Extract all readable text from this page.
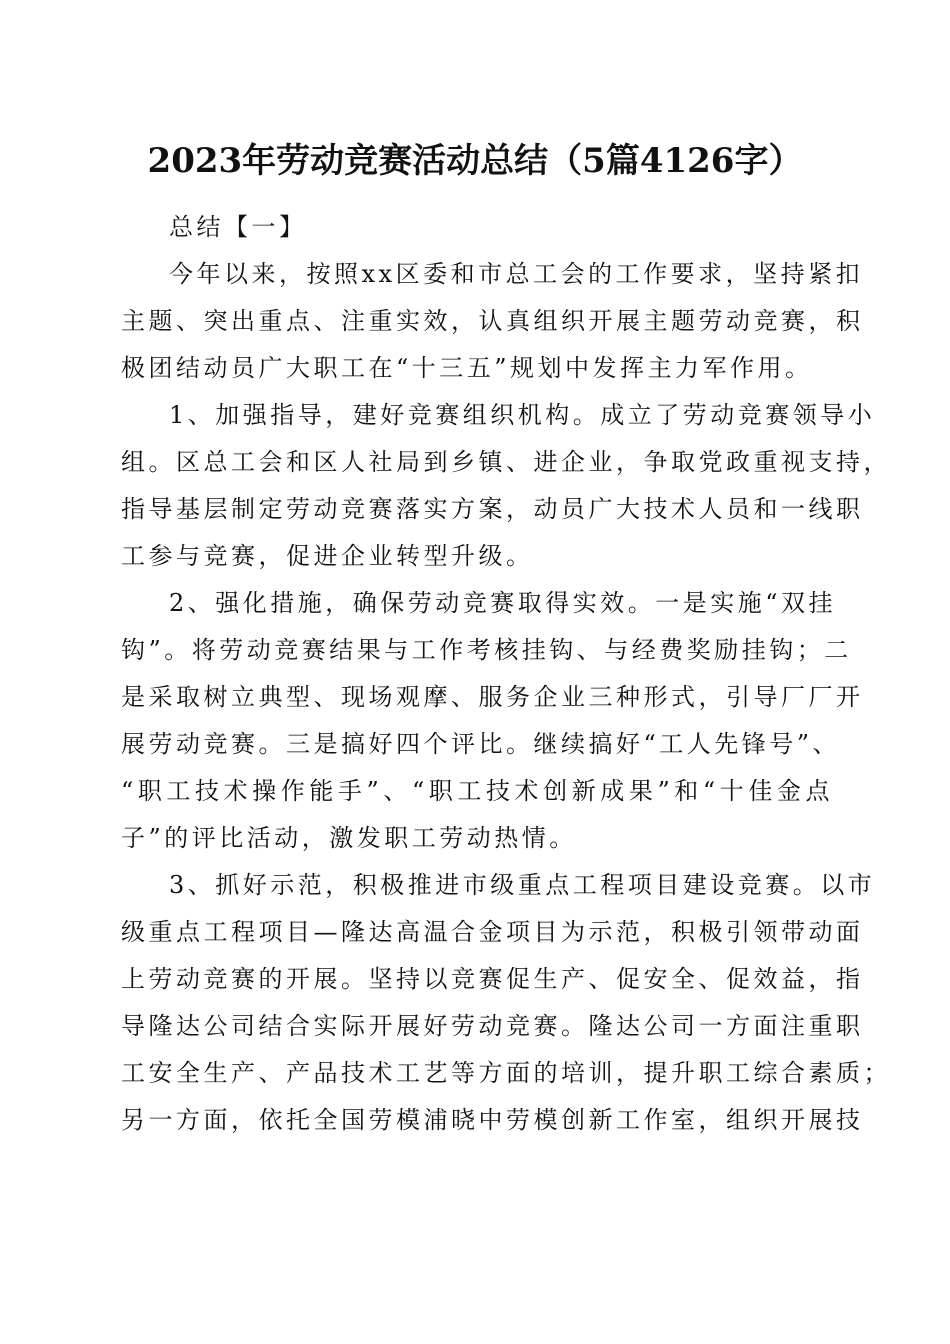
2023年劳动竞赛活动总结（5篇4126字）
总结【一】
今年以来，按照xx区委和市总工会的工作要求，坚持紧扣
主题、突出重点、注重实效，认真组织开展主题劳动竞赛，积
极团结动员广大职工在“十三五”规划中发挥主力军作用。
1、加强指导，建好竞赛组织机构。成立了劳动竞赛领导小
组。区总工会和区人社局到乡镇、进企业，争取党政重视支持，
指导基层制定劳动竞赛落实方案，动员广大技术人员和一线职
工参与竞赛，促进企业转型升级。
2、强化措施，确保劳动竞赛取得实效。一是实施“双挂
钩”。将劳动竞赛结果与工作考核挂钩、与经费奖励挂钩；二
是采取树立典型、现场观摩、服务企业三种形式，引导厂厂开
展劳动竞赛。三是搞好四个评比。继续搞好“工人先锋号”、
“职工技术操作能手”、“职工技术创新成果”和“十佳金点
子”的评比活动，激发职工劳动热情。
3、抓好示范，积极推进市级重点工程项目建设竞赛。以市
级重点工程项目—隆达高温合金项目为示范，积极引领带动面
上劳动竞赛的开展。坚持以竞赛促生产、促安全、促效益，指
导隆达公司结合实际开展好劳动竞赛。隆达公司一方面注重职
工安全生产、产品技术工艺等方面的培训，提升职工综合素质；
另一方面，依托全国劳模浦晓中劳模创新工作室，组织开展技
